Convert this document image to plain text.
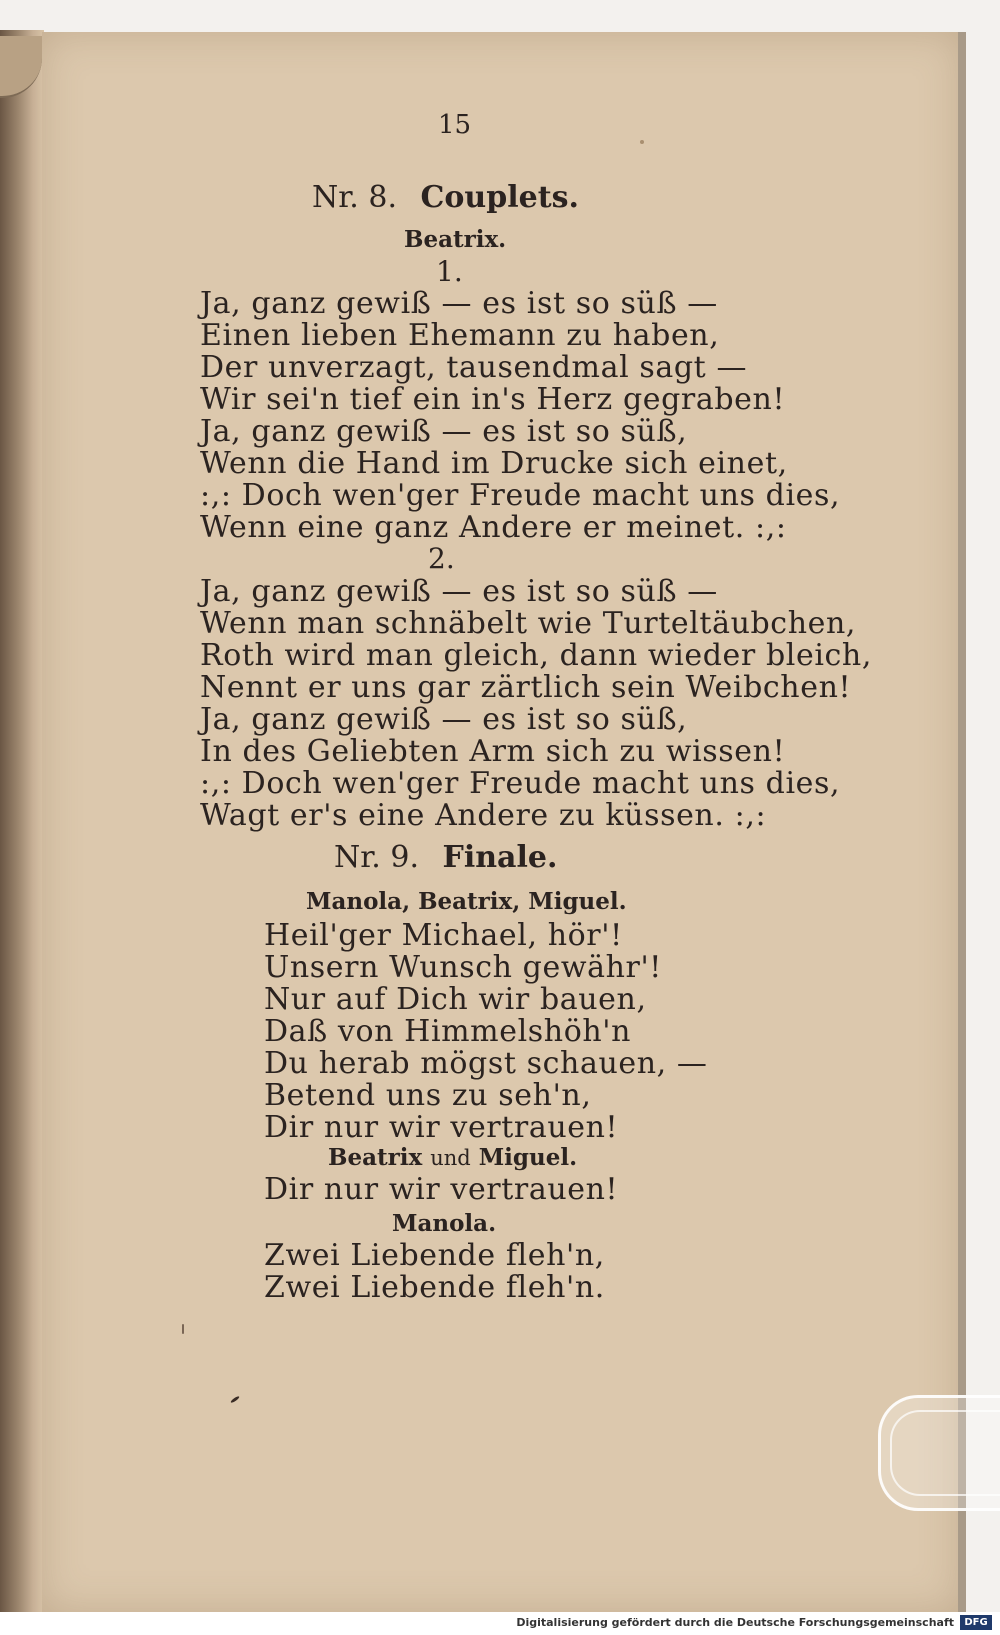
15
Nr. 8. Couplets.
Beatrix.
1.
Ja, ganz gewiß — es ist so süß —
Einen lieben Ehemann zu haben,
Der unverzagt, tausendmal sagt —
Wir sei'n tief ein in's Herz gegraben!
Ja, ganz gewiß — es ist so süß,
Wenn die Hand im Drucke sich einet,
:,: Doch wen'ger Freude macht uns dies,
Wenn eine ganz Andere er meinet. :,:
2.
Ja, ganz gewiß — es ist so süß —
Wenn man schnäbelt wie Turteltäubchen,
Roth wird man gleich, dann wieder bleich,
Nennt er uns gar zärtlich sein Weibchen!
Ja, ganz gewiß — es ist so süß,
In des Geliebten Arm sich zu wissen!
:,: Doch wen'ger Freude macht uns dies,
Wagt er's eine Andere zu küssen. :,:
Nr. 9. Finale.
Manola, Beatrix, Miguel.
Heil'ger Michael, hör'!
Unsern Wunsch gewähr'!
Nur auf Dich wir bauen,
Daß von Himmelshöh'n
Du herab mögst schauen, —
Betend uns zu seh'n,
Dir nur wir vertrauen!
Beatrix und Miguel.
Dir nur wir vertrauen!
Manola.
Zwei Liebende fleh'n,
Zwei Liebende fleh'n.
Digitalisierung gefördert durch die Deutsche Forschungsgemeinschaft	DFG
